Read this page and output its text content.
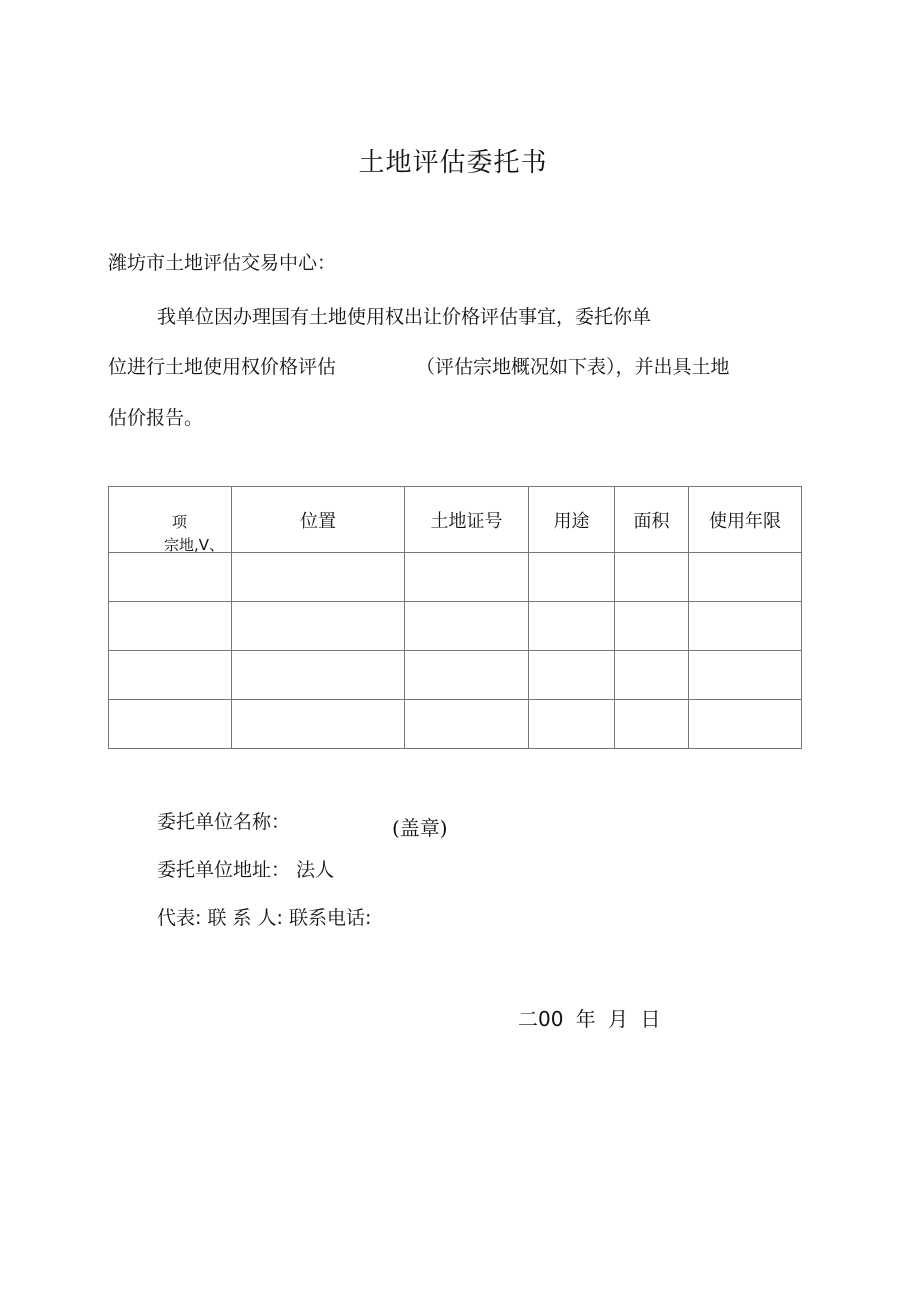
土地评估委托书
潍坊市土地评估交易中心：
我单位因办理国有土地使用权出让价格评估事宜，委托你单
位进行土地使用权价格评估	（评估宗地概况如下表），并出具土地
估价报告。
项
宗地,V、	位置	土地证号	用途	面积	使用年限

委托单位名称：	(盖章)
委托单位地址： 法人
代表: 联 系 人: 联系电话:
二00 年 月 日
